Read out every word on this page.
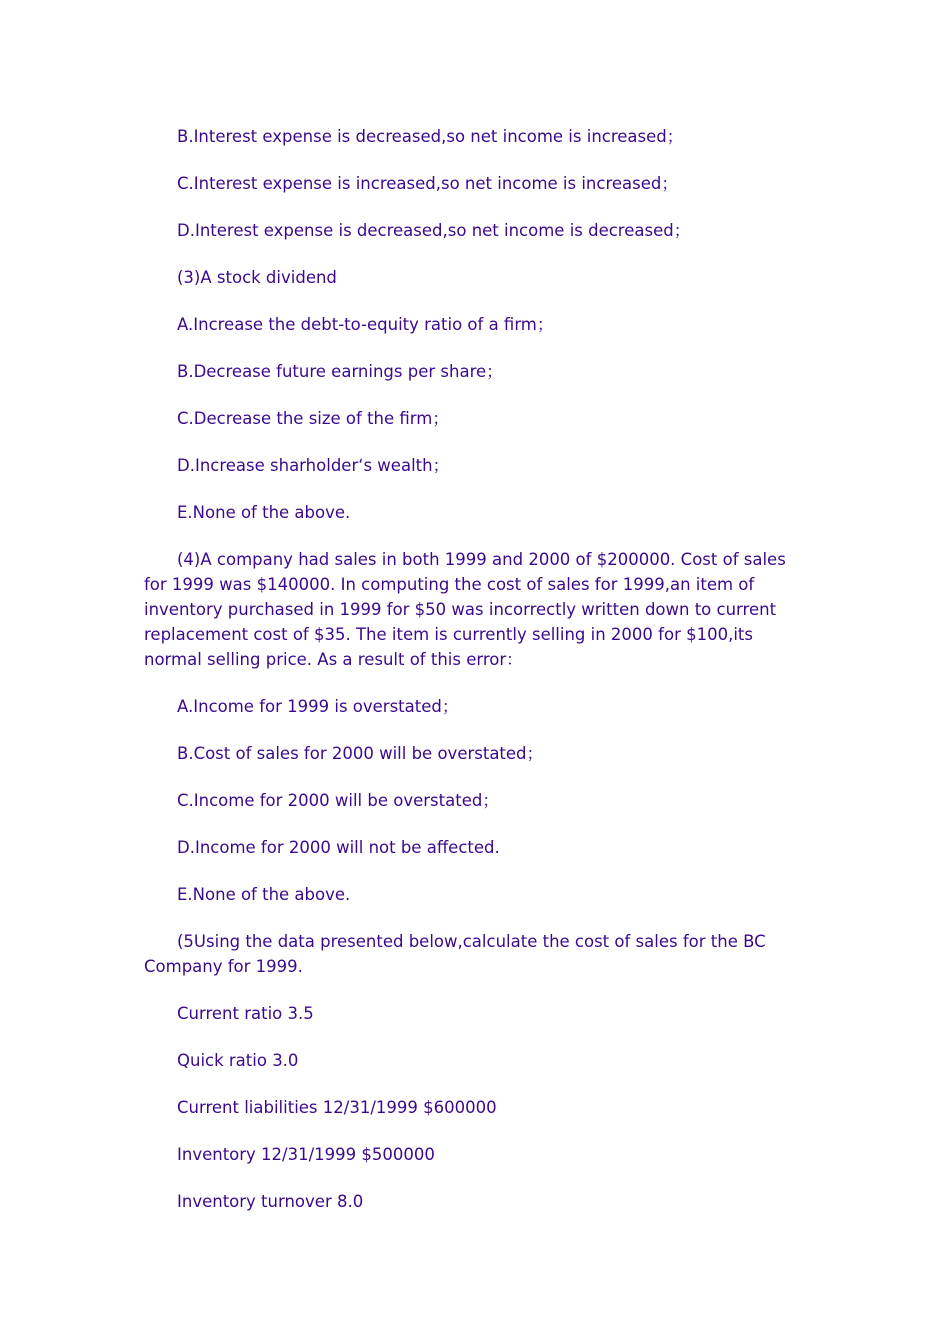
B.Interest expense is decreased,so net income is increased；

C.Interest expense is increased,so net income is increased；

D.Interest expense is decreased,so net income is decreased；

(3)A stock dividend

A.Increase the debt-to-equity ratio of a firm；

B.Decrease future earnings per share；

C.Decrease the size of the firm；

D.Increase sharholder‘s wealth；

E.None of the above.

(4)A company had sales in both 1999 and 2000 of $200000. Cost of sales for 1999 was $140000. In computing the cost of sales for 1999,an item of inventory purchased in 1999 for $50 was incorrectly written down to current replacement cost of $35. The item is currently selling in 2000 for $100,its normal selling price. As a result of this error：

A.Income for 1999 is overstated；

B.Cost of sales for 2000 will be overstated；

C.Income for 2000 will be overstated；

D.Income for 2000 will not be affected.

E.None of the above.

(5Using the data presented below,calculate the cost of sales for the BC Company for 1999.

Current ratio 3.5

Quick ratio 3.0

Current liabilities 12/31/1999 $600000

Inventory 12/31/1999 $500000

Inventory turnover 8.0
